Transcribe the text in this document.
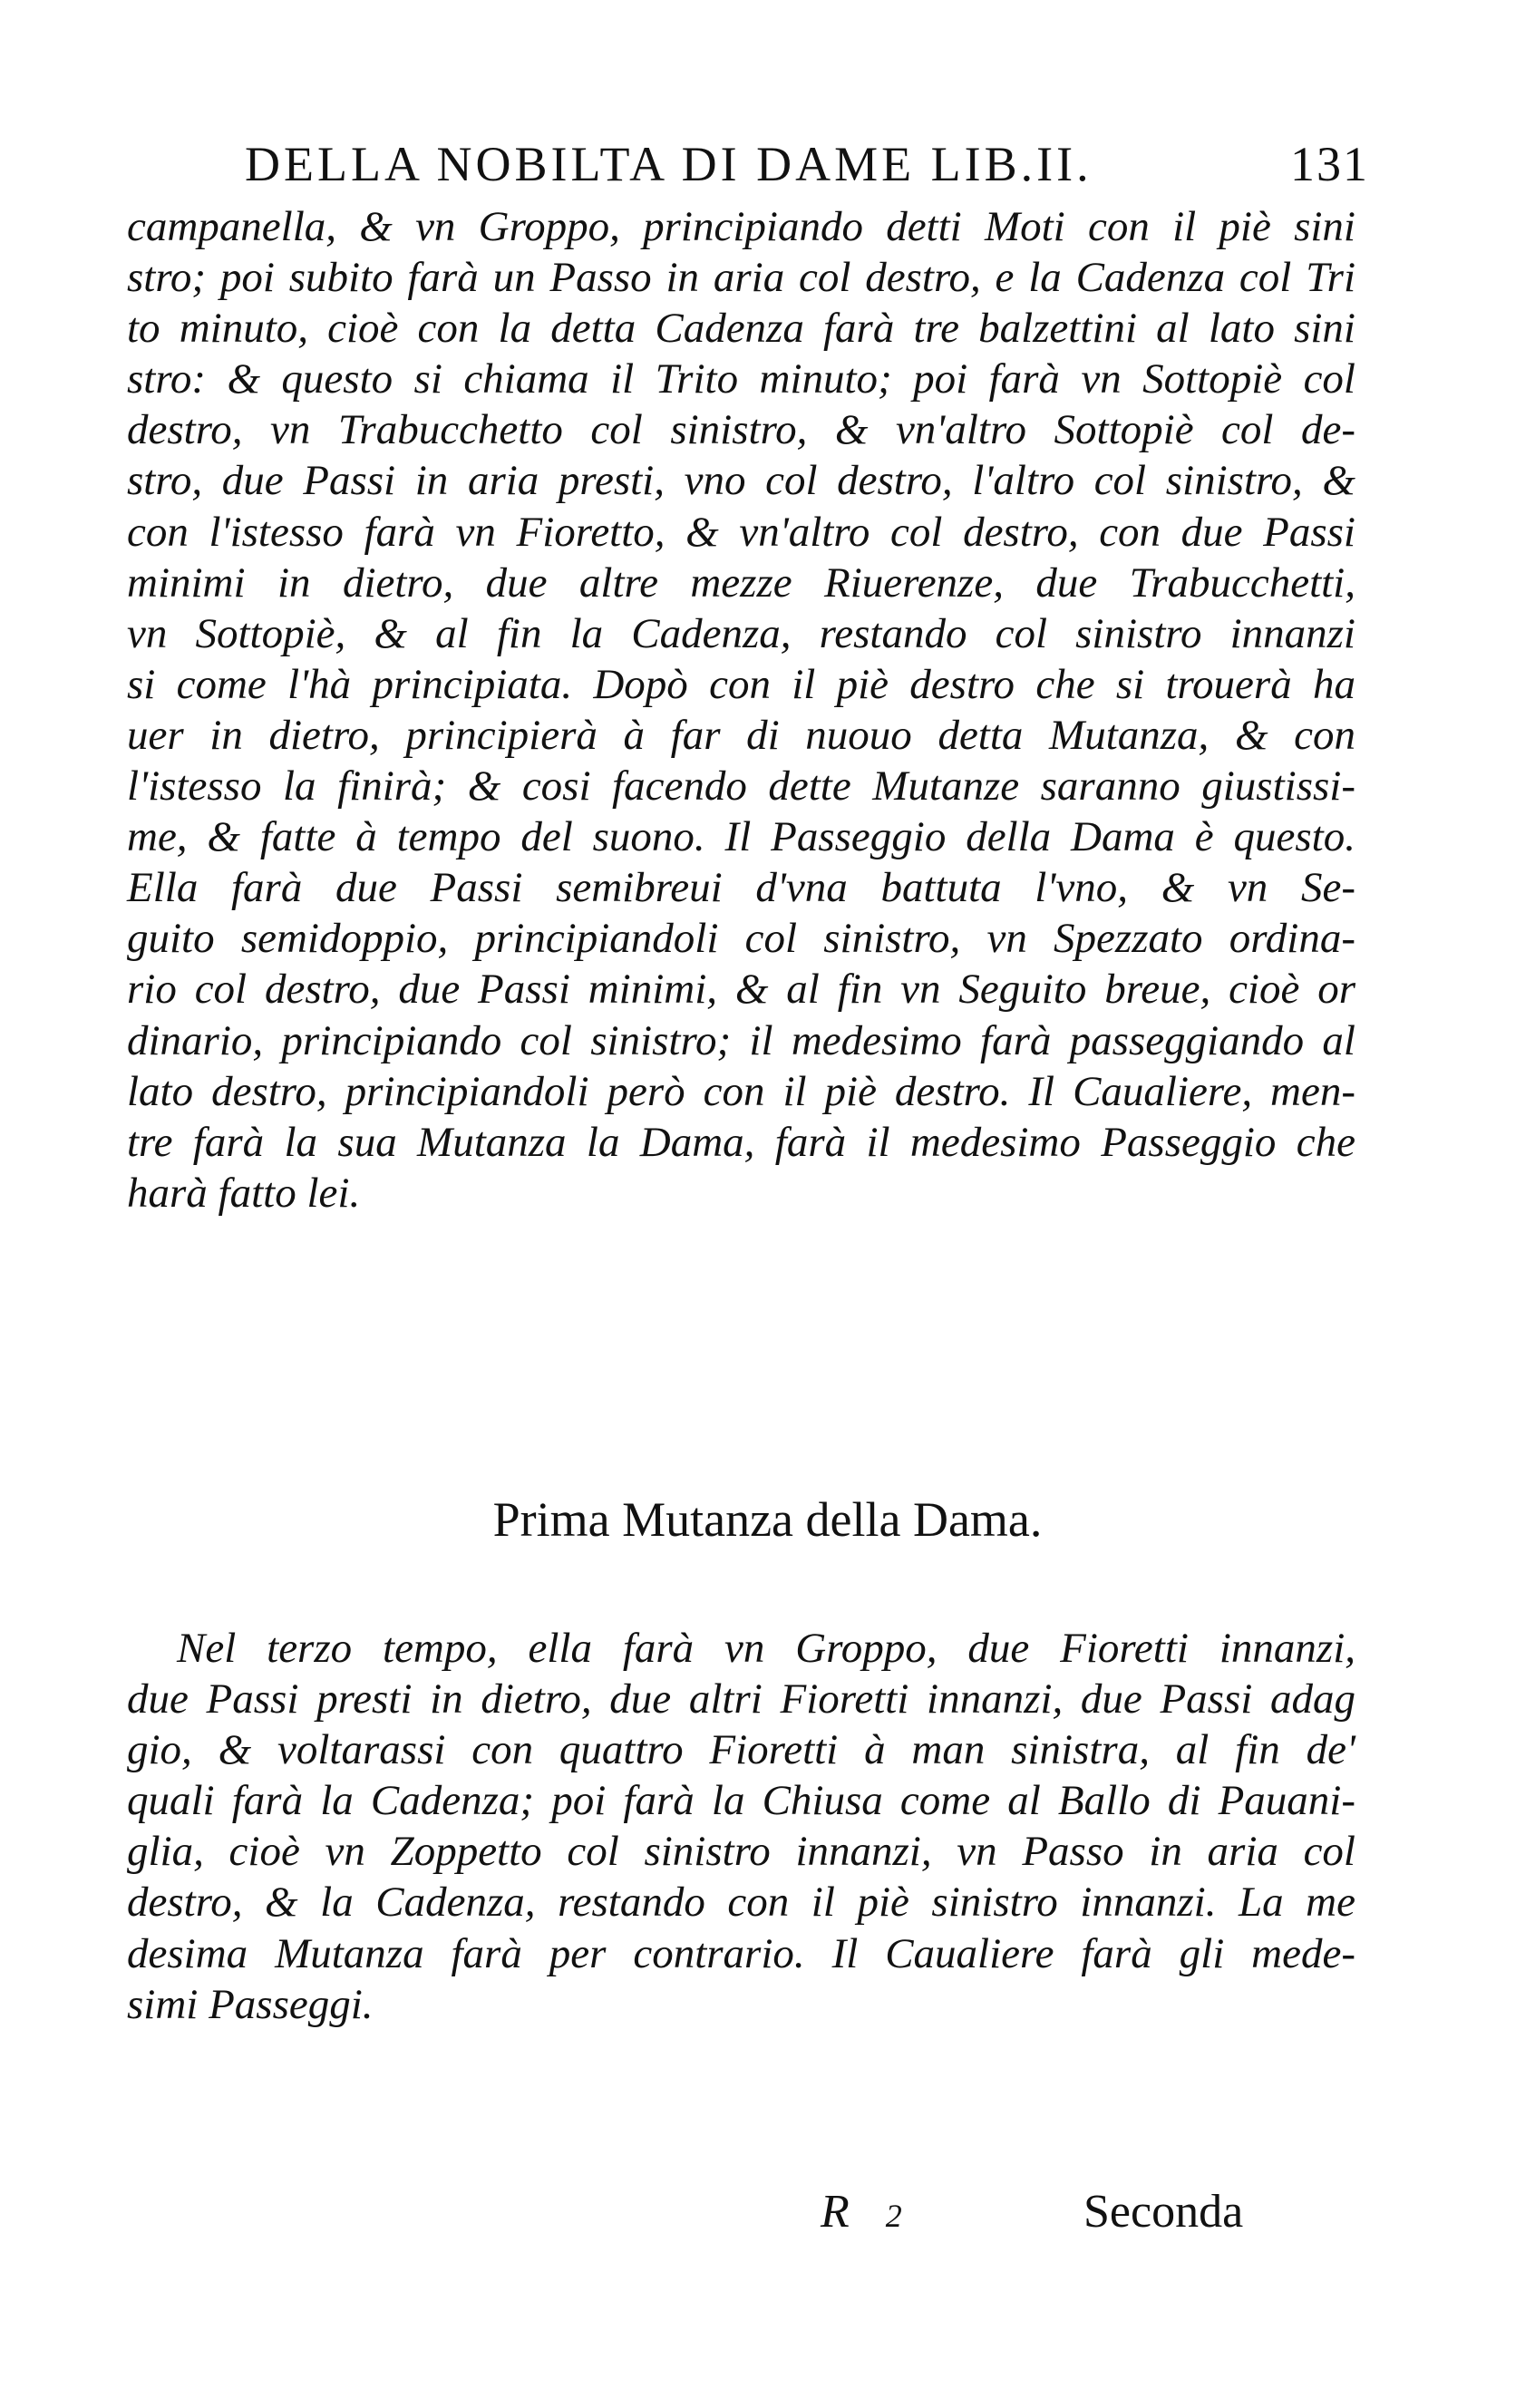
DELLA NOBILTA DI DAME LIB.II.	131
campanella, & vn Groppo, principiando detti Moti con il piè sini
stro; poi subito farà un Passo in aria col destro, e la Cadenza col Tri
to minuto, cioè con la detta Cadenza farà tre balzettini al lato sini
stro: & questo si chiama il Trito minuto; poi farà vn Sottopiè col
destro, vn Trabucchetto col sinistro, & vn'altro Sottopiè col de-
stro, due Passi in aria presti, vno col destro, l'altro col sinistro, &
con l'istesso farà vn Fioretto, & vn'altro col destro, con due Passi
minimi in dietro, due altre mezze Riuerenze, due Trabucchetti,
vn Sottopiè, & al fin la Cadenza, restando col sinistro innanzi
si come l'hà principiata. Dopò con il piè destro che si trouerà ha
uer in dietro, principierà à far di nuouo detta Mutanza, & con
l'istesso la finirà; & cosi facendo dette Mutanze saranno giustissi-
me, & fatte à tempo del suono. Il Passeggio della Dama è questo.
Ella farà due Passi semibreui d'vna battuta l'vno, & vn Se-
guito semidoppio, principiandoli col sinistro, vn Spezzato ordina-
rio col destro, due Passi minimi, & al fin vn Seguito breue, cioè or
dinario, principiando col sinistro; il medesimo farà passeggiando al
lato destro, principiandoli però con il piè destro. Il Caualiere, men-
tre farà la sua Mutanza la Dama, farà il medesimo Passeggio che
harà fatto lei.
Prima Mutanza della Dama.
Nel terzo tempo, ella farà vn Groppo, due Fioretti innanzi,
due Passi presti in dietro, due altri Fioretti innanzi, due Passi adag
gio, & voltarassi con quattro Fioretti à man sinistra, al fin de'
quali farà la Cadenza; poi farà la Chiusa come al Ballo di Pauani-
glia, cioè vn Zoppetto col sinistro innanzi, vn Passo in aria col
destro, & la Cadenza, restando con il piè sinistro innanzi. La me
desima Mutanza farà per contrario. Il Caualiere farà gli mede-
simi Passeggi.
R 2	Seconda
